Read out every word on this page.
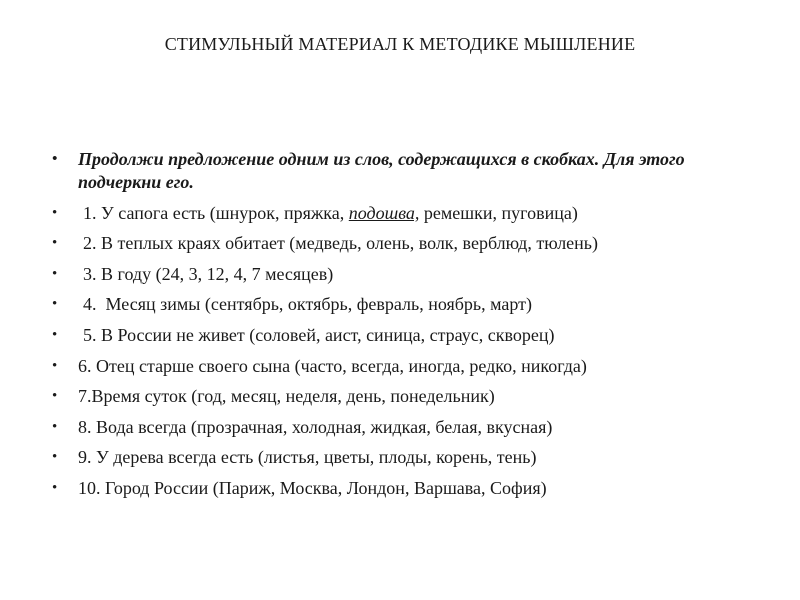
СТИМУЛЬНЫЙ МАТЕРИАЛ К МЕТОДИКЕ МЫШЛЕНИЕ
• Продолжи предложение одним из слов, содержащихся в скобках. Для этого подчеркни его.
• 1. У сапога есть (шнурок, пряжка, подошва, ремешки, пуговица)
• 2. В теплых краях обитает (медведь, олень, волк, верблюд, тюлень)
• 3. В году (24, 3, 12, 4, 7 месяцев)
• 4.  Месяц зимы (сентябрь, октябрь, февраль, ноябрь, март)
• 5. В России не живет (соловей, аист, синица, страус, скворец)
• 6. Отец старше своего сына (часто, всегда, иногда, редко, никогда)
• 7.Время суток (год, месяц, неделя, день, понедельник)
• 8. Вода всегда (прозрачная, холодная, жидкая, белая, вкусная)
• 9. У дерева всегда есть (листья, цветы, плоды, корень, тень)
• 10. Город России (Париж, Москва, Лондон, Варшава, София)
